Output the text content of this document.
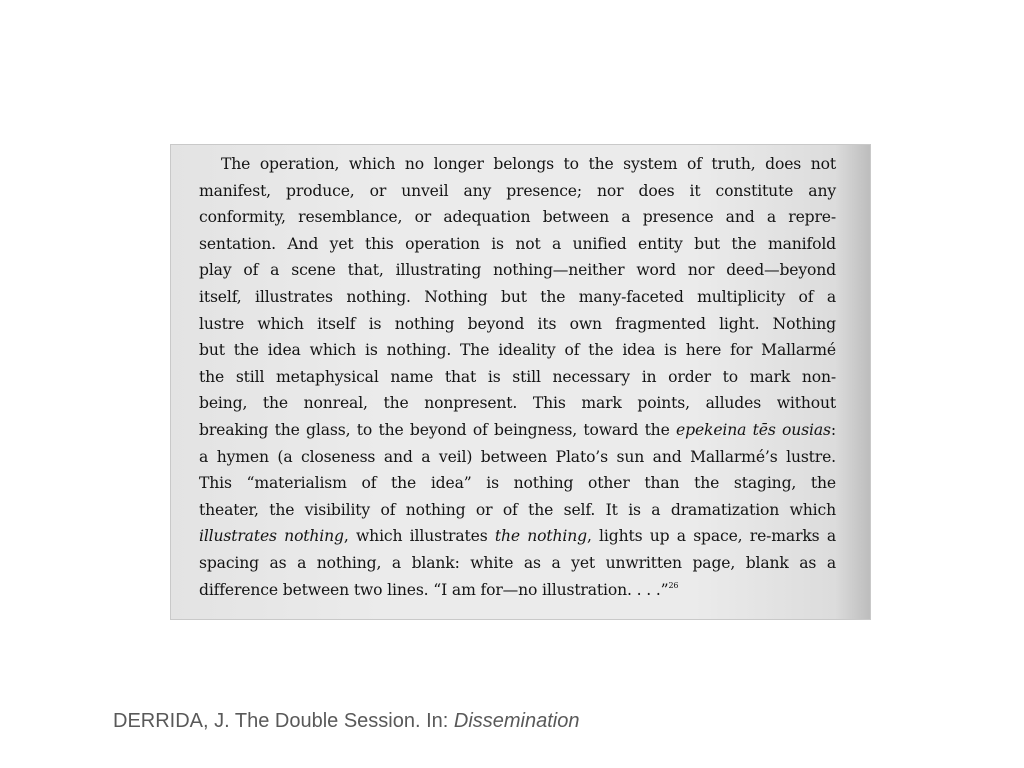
The operation, which no longer belongs to the system of truth, does not
manifest, produce, or unveil any presence; nor does it constitute any
conformity, resemblance, or adequation between a presence and a repre-
sentation. And yet this operation is not a unified entity but the manifold
play of a scene that, illustrating nothing—neither word nor deed—beyond
itself, illustrates nothing. Nothing but the many-faceted multiplicity of a
lustre which itself is nothing beyond its own fragmented light. Nothing
but the idea which is nothing. The ideality of the idea is here for Mallarmé
the still metaphysical name that is still necessary in order to mark non-
being, the nonreal, the nonpresent. This mark points, alludes without
breaking the glass, to the beyond of beingness, toward the epekeina tēs ousias:
a hymen (a closeness and a veil) between Plato’s sun and Mallarmé’s lustre.
This “materialism of the idea” is nothing other than the staging, the
theater, the visibility of nothing or of the self. It is a dramatization which
illustrates nothing, which illustrates the nothing, lights up a space, re-marks a
spacing as a nothing, a blank: white as a yet unwritten page, blank as a
difference between two lines. “I am for—no illustration. . . .”$^{26}$
DERRIDA, J. The Double Session. In: Dissemination
